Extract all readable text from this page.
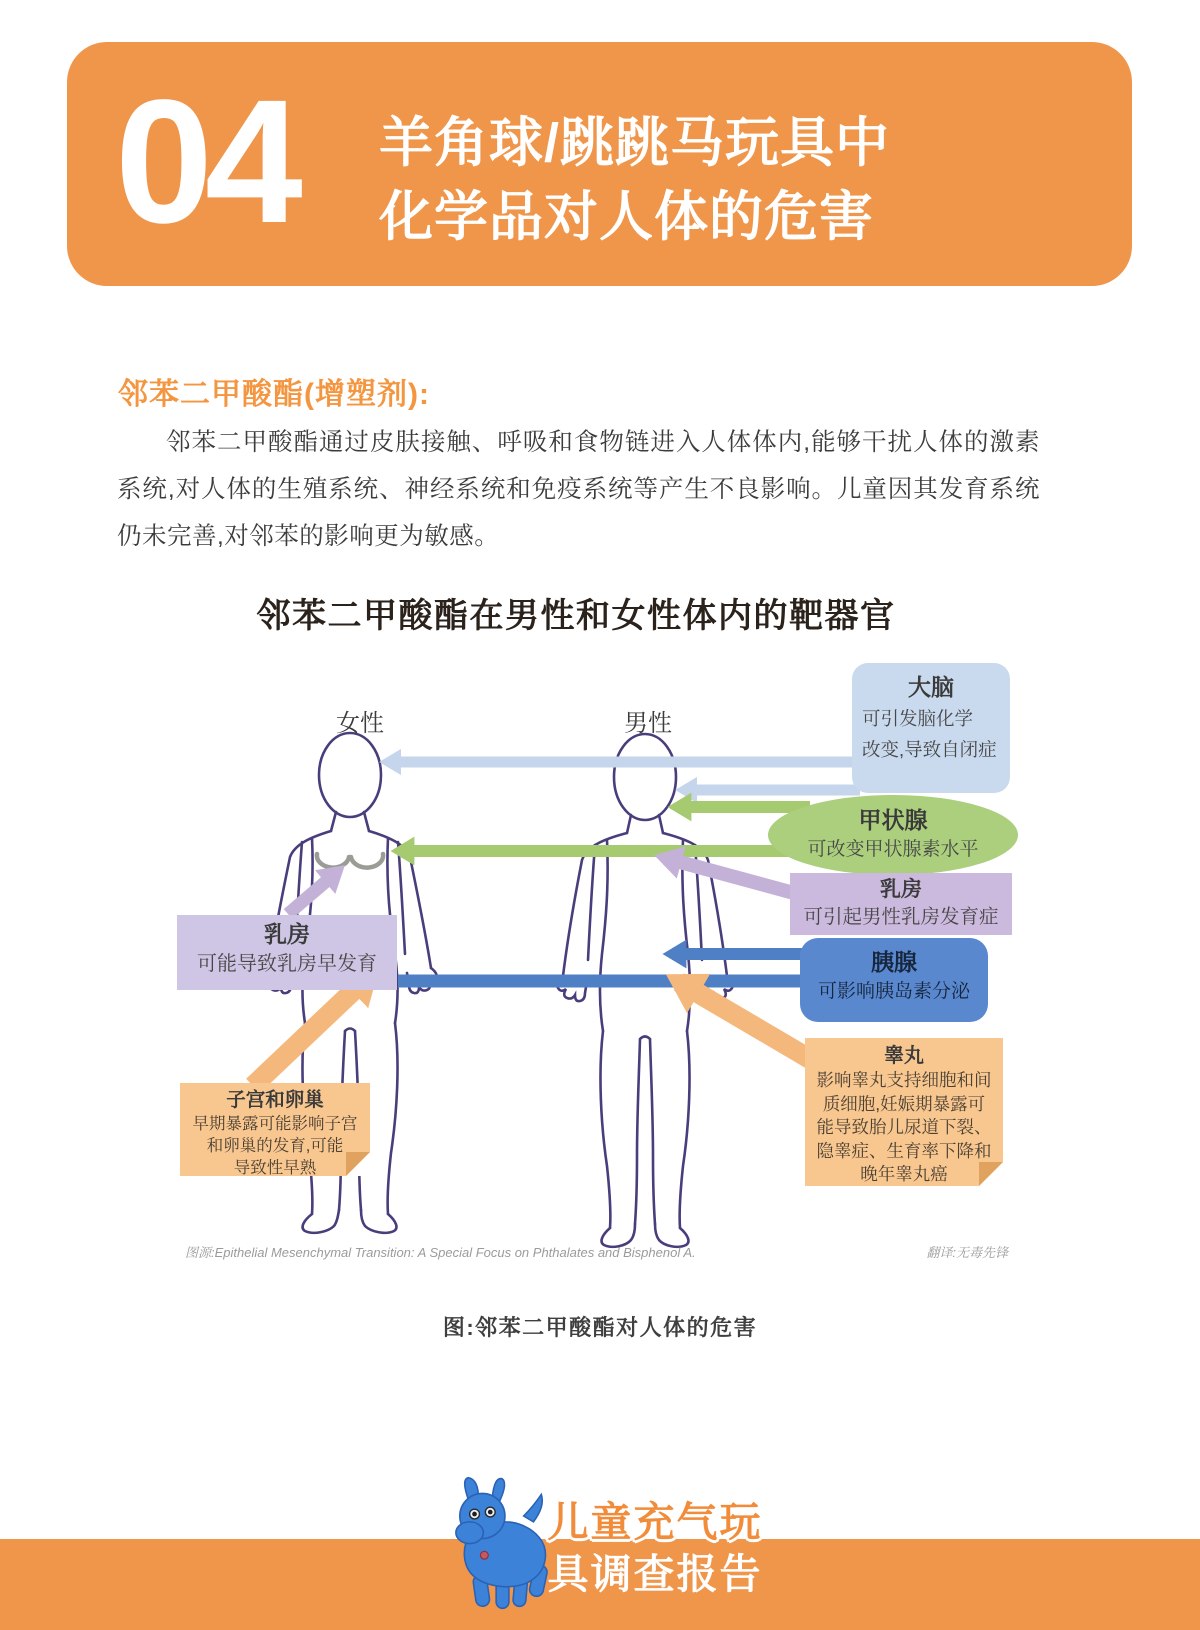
04 羊角球/跳跳马玩具中
化学品对人体的危害
邻苯二甲酸酯(增塑剂):
邻苯二甲酸酯通过皮肤接触、呼吸和食物链进入人体体内,能够干扰人体的激素系统,对人体的生殖系统、神经系统和免疫系统等产生不良影响。儿童因其发育系统仍未完善,对邻苯的影响更为敏感。
邻苯二甲酸酯在男性和女性体内的靶器官
女性	男性
大脑
可引发脑化学
改变,导致自闭症
甲状腺
可改变甲状腺素水平
乳房
可引起男性乳房发育症
胰腺
可影响胰岛素分泌
睾丸
影响睾丸支持细胞和间
质细胞,妊娠期暴露可
能导致胎儿尿道下裂、
隐睾症、生育率下降和
晚年睾丸癌
乳房
可能导致乳房早发育
子宫和卵巢
早期暴露可能影响子宫
和卵巢的发育,可能
导致性早熟
图源:Epithelial Mesenchymal Transition: A Special Focus on Phthalates and Bisphenol A.	翻译:无毒先锋
图:邻苯二甲酸酯对人体的危害
儿童充气玩
具调查报告
